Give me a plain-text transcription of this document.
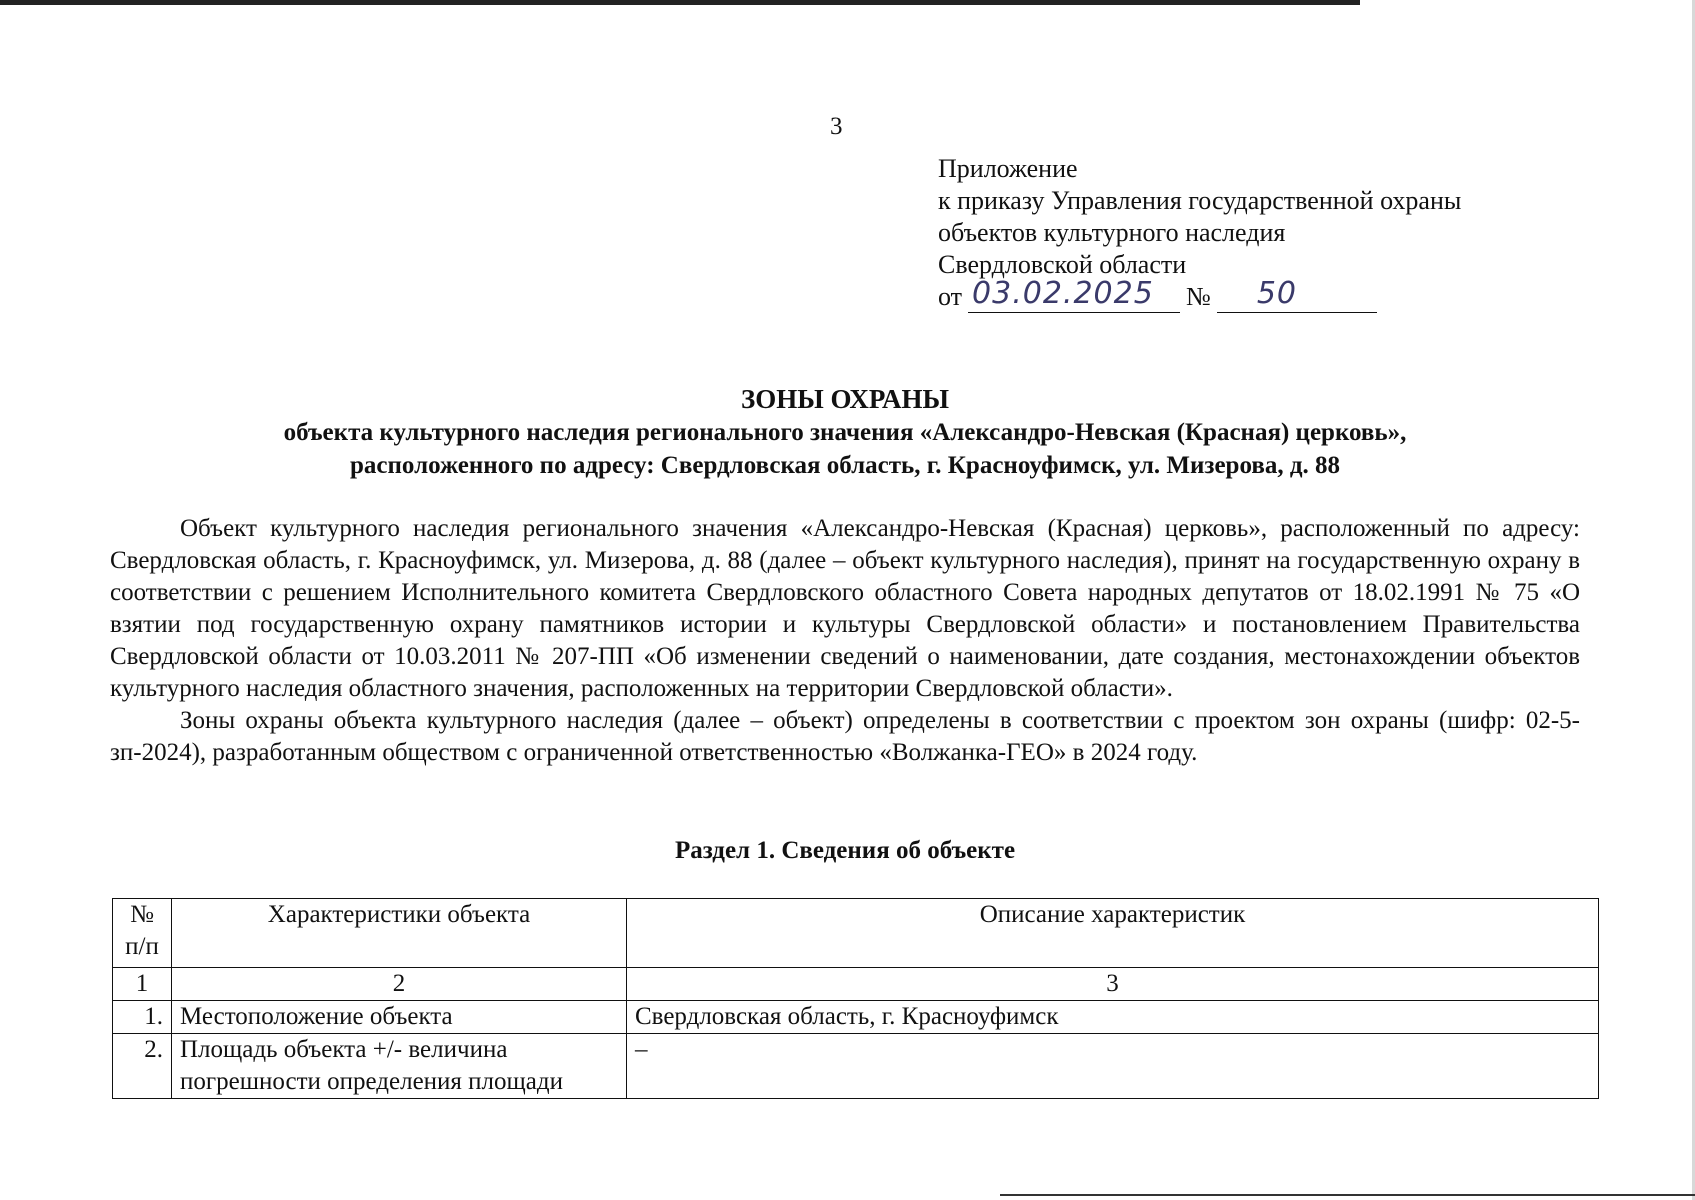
3
Приложение
к приказу Управления государственной охраны
объектов культурного наследия
Свердловской области
от 03.02.2025 № 50
ЗОНЫ ОХРАНЫ
объекта культурного наследия регионального значения «Александро-Невская (Красная) церковь»,
расположенного по адресу: Свердловская область, г. Красноуфимск, ул. Мизерова, д. 88

Объект культурного наследия регионального значения «Александро-Невская (Красная) церковь», расположенный по адресу: Свердловская область, г. Красноуфимск, ул. Мизерова, д. 88 (далее – объект культурного наследия), принят на государственную охрану в соответствии с решением Исполнительного комитета Свердловского областного Совета народных депутатов от 18.02.1991 № 75 «О взятии под государственную охрану памятников истории и культуры Свердловской области» и постановлением Правительства Свердловской области от 10.03.2011 № 207-ПП «Об изменении сведений о наименовании, дате создания, местонахождении объектов культурного наследия областного значения, расположенных на территории Свердловской области».

Зоны охраны объекта культурного наследия (далее – объект) определены в соответствии с проектом зон охраны (шифр: 02-5-зп-2024), разработанным обществом с ограниченной ответственностью «Волжанка-ГЕО» в 2024 году.

Раздел 1. Сведения об объекте
№ п/п	Характеристики объекта	Описание характеристик
1	2	3
1.	Местоположение объекта	Свердловская область, г. Красноуфимск
2.	Площадь объекта +/- величина погрешности определения площади	–
